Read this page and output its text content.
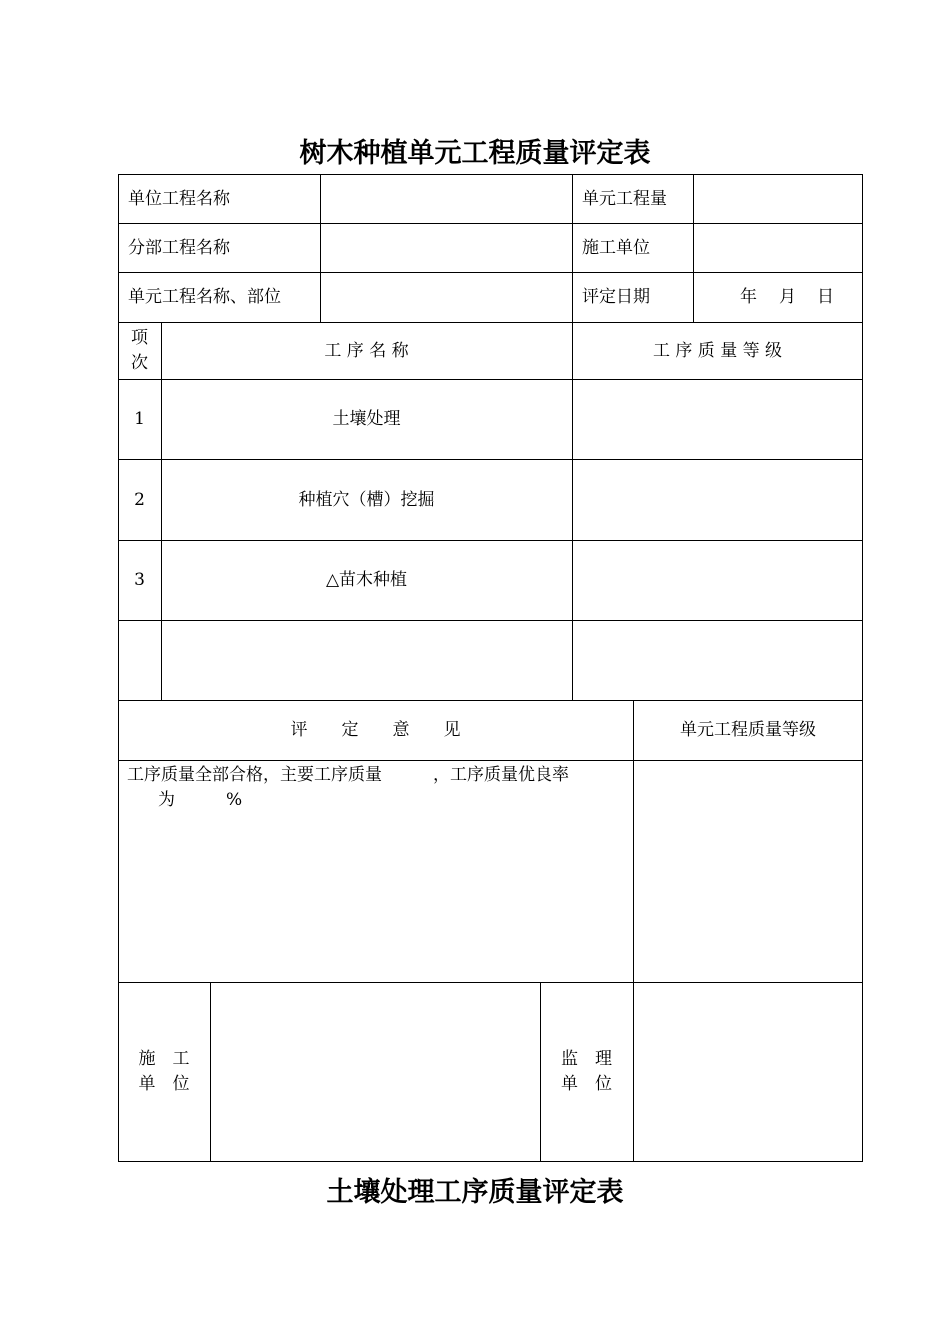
树木种植单元工程质量评定表
单位工程名称	单元工程量
分部工程名称	施工单位
单元工程名称、部位	评定日期	年 月 日
项
次
工 序 名 称	工 序 质 量 等 级
1	土壤处理
2	种植穴（槽）挖掘
3	△苗木种植
评　　定　　意　　见	单元工程质量等级
工序质量全部合格，主要工序质量　　　，工序质量优良率
为　　　%
施　工
单　位
监　理
单　位
土壤处理工序质量评定表
